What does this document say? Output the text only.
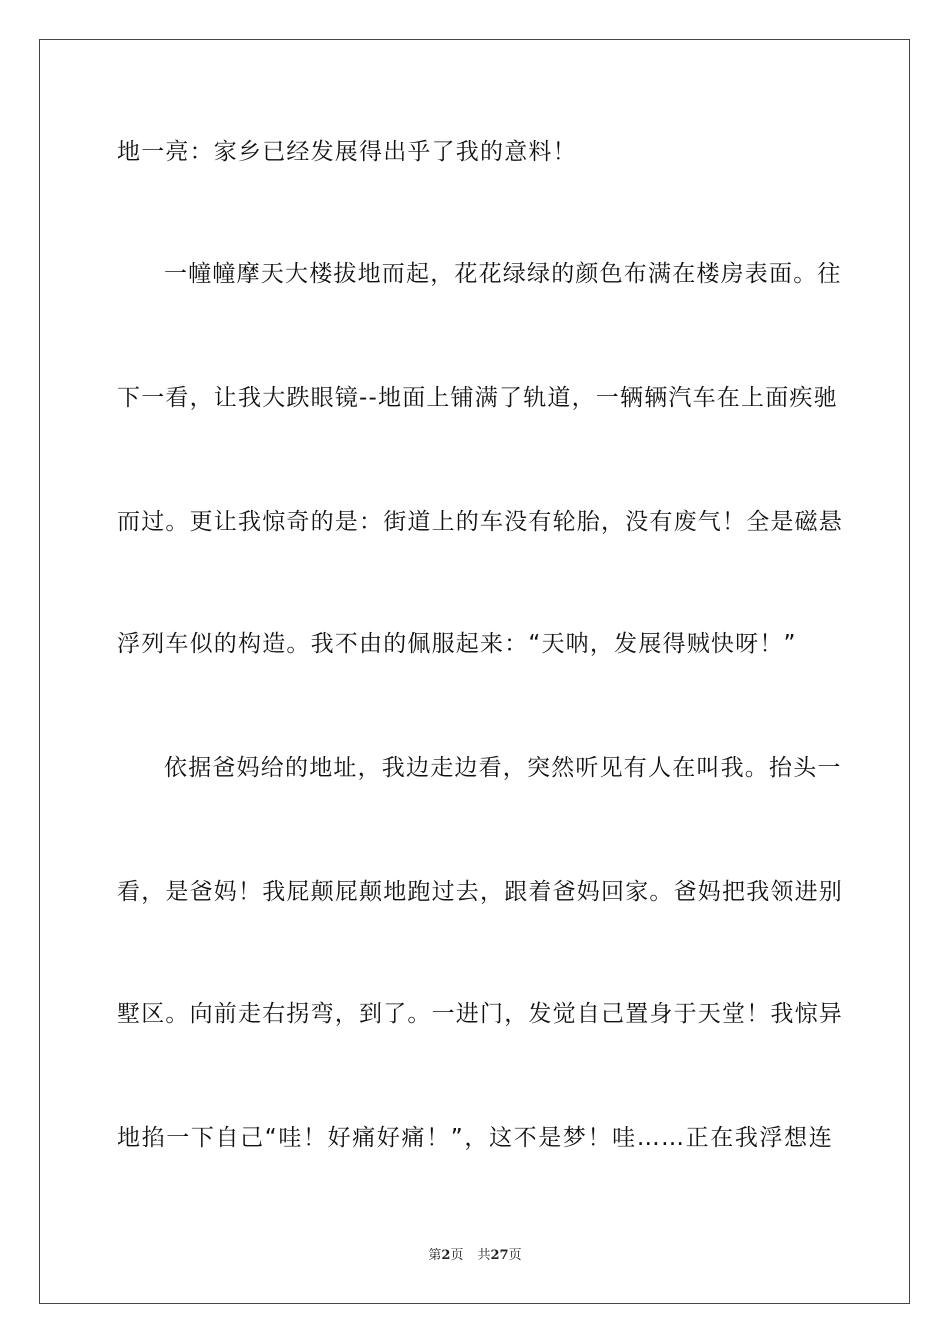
地一亮：家乡已经发展得出乎了我的意料！
一幢幢摩天大楼拔地而起，花花绿绿的颜色布满在楼房表面。往
下一看，让我大跌眼镜--地面上铺满了轨道，一辆辆汽车在上面疾驰
而过。更让我惊奇的是：街道上的车没有轮胎，没有废气！全是磁悬
浮列车似的构造。我不由的佩服起来：“天呐，发展得贼快呀！”
依据爸妈给的地址，我边走边看，突然听见有人在叫我。抬头一
看，是爸妈！我屁颠屁颠地跑过去，跟着爸妈回家。爸妈把我领进别
墅区。向前走右拐弯，到了。一进门，发觉自己置身于天堂！我惊异
地掐一下自己“哇！好痛好痛！”，这不是梦！哇……正在我浮想连
第2页 共27页
